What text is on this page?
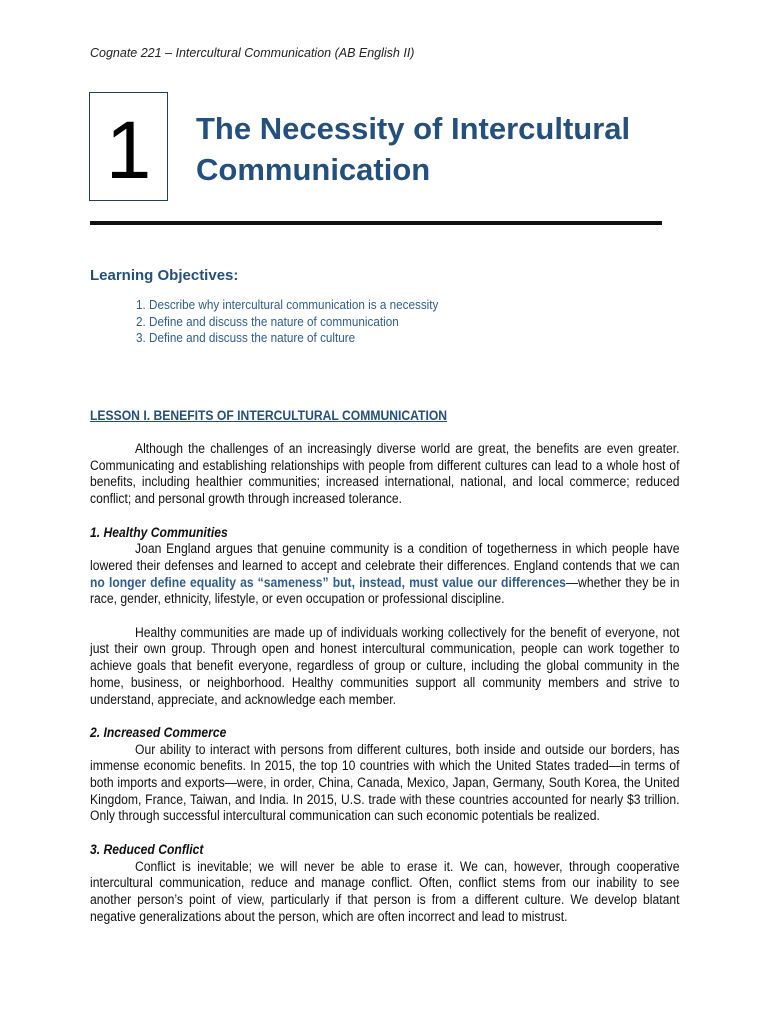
Cognate 221 – Intercultural Communication (AB English II)
1 The Necessity of Intercultural
Communication
Learning Objectives:
1. Describe why intercultural communication is a necessity
2. Define and discuss the nature of communication
3. Define and discuss the nature of culture
LESSON I. BENEFITS OF INTERCULTURAL COMMUNICATION

Although the challenges of an increasingly diverse world are great, the benefits are even greater. Communicating and establishing relationships with people from different cultures can lead to a whole host of benefits, including healthier communities; increased international, national, and local commerce; reduced conflict; and personal growth through increased tolerance.

1. Healthy Communities

Joan England argues that genuine community is a condition of togetherness in which people have lowered their defenses and learned to accept and celebrate their differences. England contends that we can no longer define equality as “sameness” but, instead, must value our differences—whether they be in race, gender, ethnicity, lifestyle, or even occupation or professional discipline.

Healthy communities are made up of individuals working collectively for the benefit of everyone, not just their own group. Through open and honest intercultural communication, people can work together to achieve goals that benefit everyone, regardless of group or culture, including the global community in the home, business, or neighborhood. Healthy communities support all community members and strive to understand, appreciate, and acknowledge each member.

2. Increased Commerce

Our ability to interact with persons from different cultures, both inside and outside our borders, has immense economic benefits. In 2015, the top 10 countries with which the United States traded—in terms of both imports and exports—were, in order, China, Canada, Mexico, Japan, Germany, South Korea, the United Kingdom, France, Taiwan, and India. In 2015, U.S. trade with these countries accounted for nearly $3 trillion. Only through successful intercultural communication can such economic potentials be realized.

3. Reduced Conflict

Conflict is inevitable; we will never be able to erase it. We can, however, through cooperative intercultural communication, reduce and manage conflict. Often, conflict stems from our inability to see another person’s point of view, particularly if that person is from a different culture. We develop blatant negative generalizations about the person, which are often incorrect and lead to mistrust.
